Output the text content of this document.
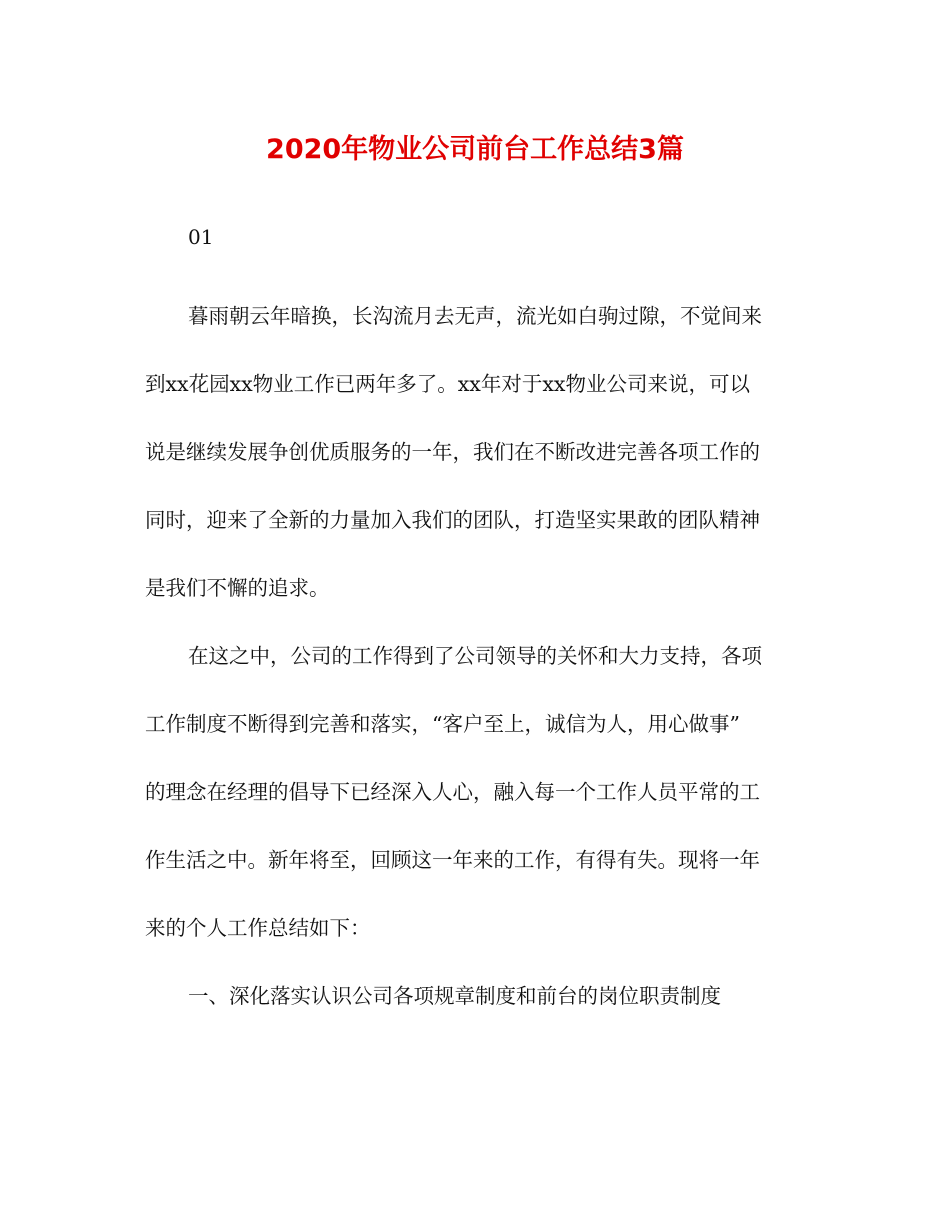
2020年物业公司前台工作总结3篇
01
暮雨朝云年暗换，长沟流月去无声，流光如白驹过隙，不觉间来
到xx花园xx物业工作已两年多了。xx年对于xx物业公司来说，可以
说是继续发展争创优质服务的一年，我们在不断改进完善各项工作的
同时，迎来了全新的力量加入我们的团队，打造坚实果敢的团队精神
是我们不懈的追求。
在这之中，公司的工作得到了公司领导的关怀和大力支持，各项
工作制度不断得到完善和落实，“客户至上，诚信为人，用心做事”
的理念在经理的倡导下已经深入人心，融入每一个工作人员平常的工
作生活之中。新年将至，回顾这一年来的工作，有得有失。现将一年
来的个人工作总结如下：
一、深化落实认识公司各项规章制度和前台的岗位职责制度
